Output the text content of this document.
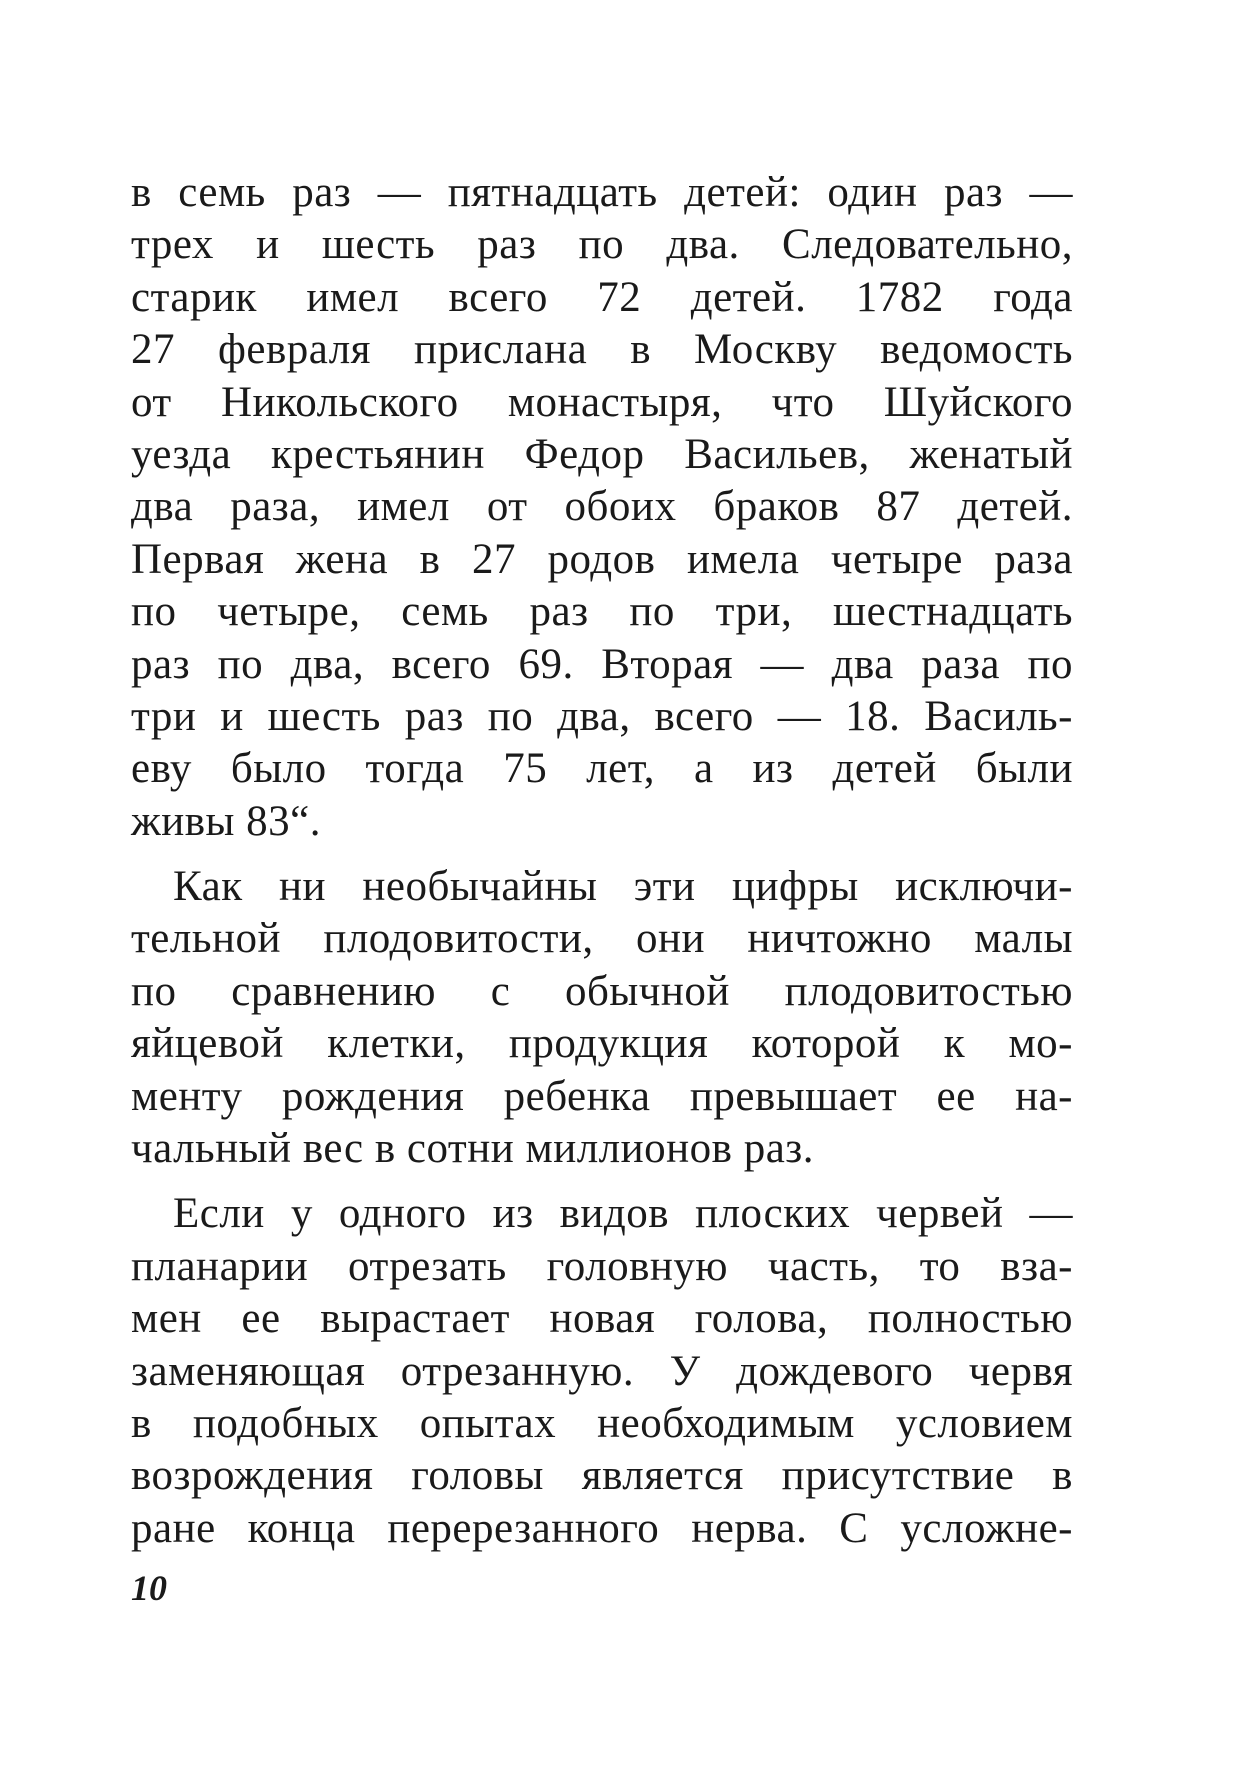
в семь раз — пятнадцать детей: один раз —
трех и шесть раз по два. Следовательно,
старик имел всего 72 детей. 1782 года
27 февраля прислана в Москву ведомость
от Никольского монастыря, что Шуйского
уезда крестьянин Федор Васильев, женатый
два раза, имел от обоих браков 87 детей.
Первая жена в 27 родов имела четыре раза
по четыре, семь раз по три, шестнадцать
раз по два, всего 69. Вторая — два раза по
три и шесть раз по два, всего — 18. Василь-
еву было тогда 75 лет, а из детей были
живы 83“.
Как ни необычайны эти цифры исключи-
тельной плодовитости, они ничтожно малы
по сравнению с обычной плодовитостью
яйцевой клетки, продукция которой к мо-
менту рождения ребенка превышает ее на-
чальный вес в сотни миллионов раз.
Если у одного из видов плоских червей —
планарии отрезать головную часть, то вза-
мен ее вырастает новая голова, полностью
заменяющая отрезанную. У дождевого червя
в подобных опытах необходимым условием
возрождения головы является присутствие в
ране конца перерезанного нерва. С усложне-
10
